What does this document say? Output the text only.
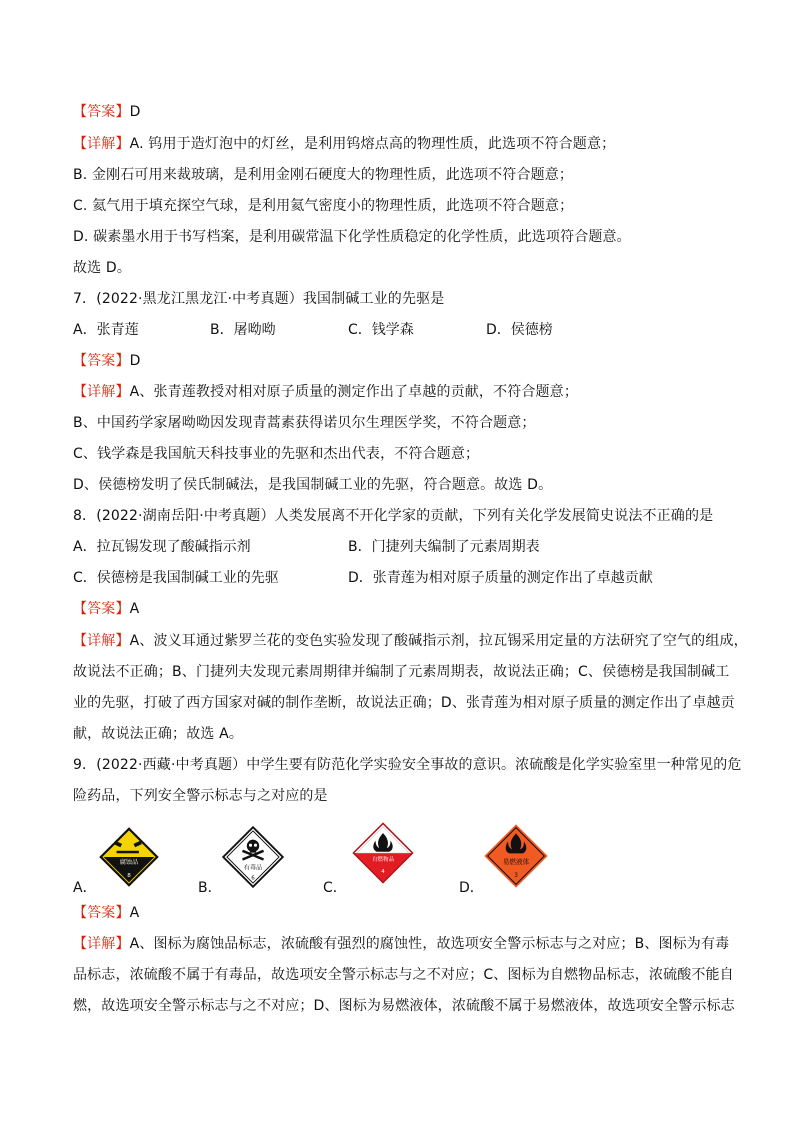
【答案】D
【详解】A. 钨用于造灯泡中的灯丝，是利用钨熔点高的物理性质，此选项不符合题意；
B. 金刚石可用来裁玻璃，是利用金刚石硬度大的物理性质，此选项不符合题意；
C. 氦气用于填充探空气球，是利用氦气密度小的物理性质，此选项不符合题意；
D. 碳素墨水用于书写档案，是利用碳常温下化学性质稳定的化学性质，此选项符合题意。
故选 D。
7．(2022·黑龙江黑龙江·中考真题）我国制碱工业的先驱是
A．张青莲	B．屠呦呦	C．钱学森	D．侯德榜
【答案】D
【详解】A、张青莲教授对相对原子质量的测定作出了卓越的贡献，不符合题意；
B、中国药学家屠呦呦因发现青蒿素获得诺贝尔生理医学奖，不符合题意；
C、钱学森是我国航天科技事业的先驱和杰出代表，不符合题意；
D、侯德榜发明了侯氏制碱法，是我国制碱工业的先驱，符合题意。故选 D。
8．(2022·湖南岳阳·中考真题）人类发展离不开化学家的贡献，下列有关化学发展简史说法不正确的是
A．拉瓦锡发现了酸碱指示剂	B．门捷列夫编制了元素周期表
C．侯德榜是我国制碱工业的先驱	D．张青莲为相对原子质量的测定作出了卓越贡献
【答案】A
【详解】A、波义耳通过紫罗兰花的变色实验发现了酸碱指示剂，拉瓦锡采用定量的方法研究了空气的组成，
故说法不正确；B、门捷列夫发现元素周期律并编制了元素周期表，故说法正确；C、侯德榜是我国制碱工
业的先驱，打破了西方国家对碱的制作垄断，故说法正确；D、张青莲为相对原子质量的测定作出了卓越贡
献，故说法正确；故选 A。
9．(2022·西藏·中考真题）中学生要有防范化学实验安全事故的意识。浓硫酸是化学实验室里一种常见的危
险药品，下列安全警示标志与之对应的是
A．
腐蚀品
8
B．
有毒品
6
C．
自燃物品
4
D．
易燃液体
3
【答案】A
【详解】A、图标为腐蚀品标志，浓硫酸有强烈的腐蚀性，故选项安全警示标志与之对应；B、图标为有毒
品标志，浓硫酸不属于有毒品，故选项安全警示标志与之不对应；C、图标为自燃物品标志，浓硫酸不能自
燃，故选项安全警示标志与之不对应；D、图标为易燃液体，浓硫酸不属于易燃液体，故选项安全警示标志
